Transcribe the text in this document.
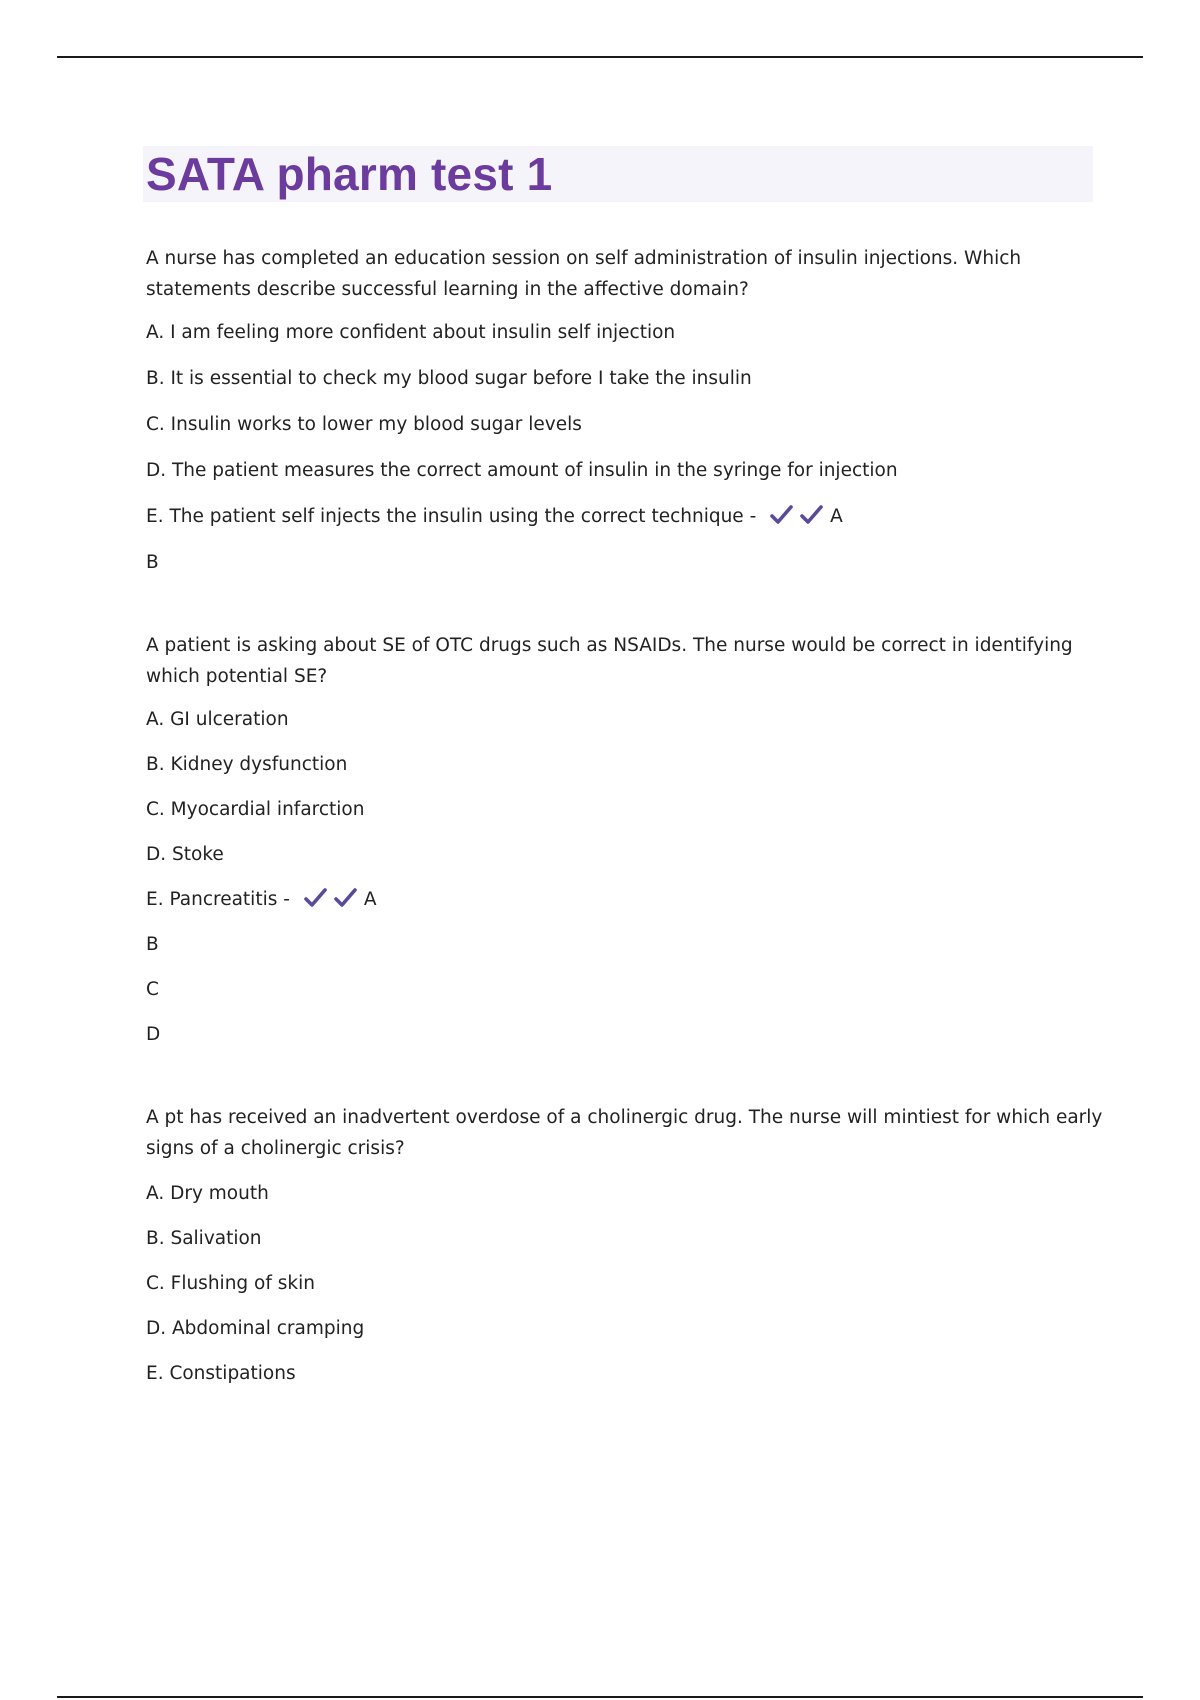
SATA pharm test 1

A nurse has completed an education session on self administration of insulin injections. Which statements describe successful learning in the affective domain?

A. I am feeling more confident about insulin self injection

B. It is essential to check my blood sugar before I take the insulin

C. Insulin works to lower my blood sugar levels

D. The patient measures the correct amount of insulin in the syringe for injection

E. The patient self injects the insulin using the correct technique -	A

B

A patient is asking about SE of OTC drugs such as NSAIDs. The nurse would be correct in identifying which potential SE?

A. GI ulceration

B. Kidney dysfunction

C. Myocardial infarction

D. Stoke

E. Pancreatitis -	A

B

C

D

A pt has received an inadvertent overdose of a cholinergic drug. The nurse will mintiest for which early signs of a cholinergic crisis?

A. Dry mouth

B. Salivation

C. Flushing of skin

D. Abdominal cramping

E. Constipations
